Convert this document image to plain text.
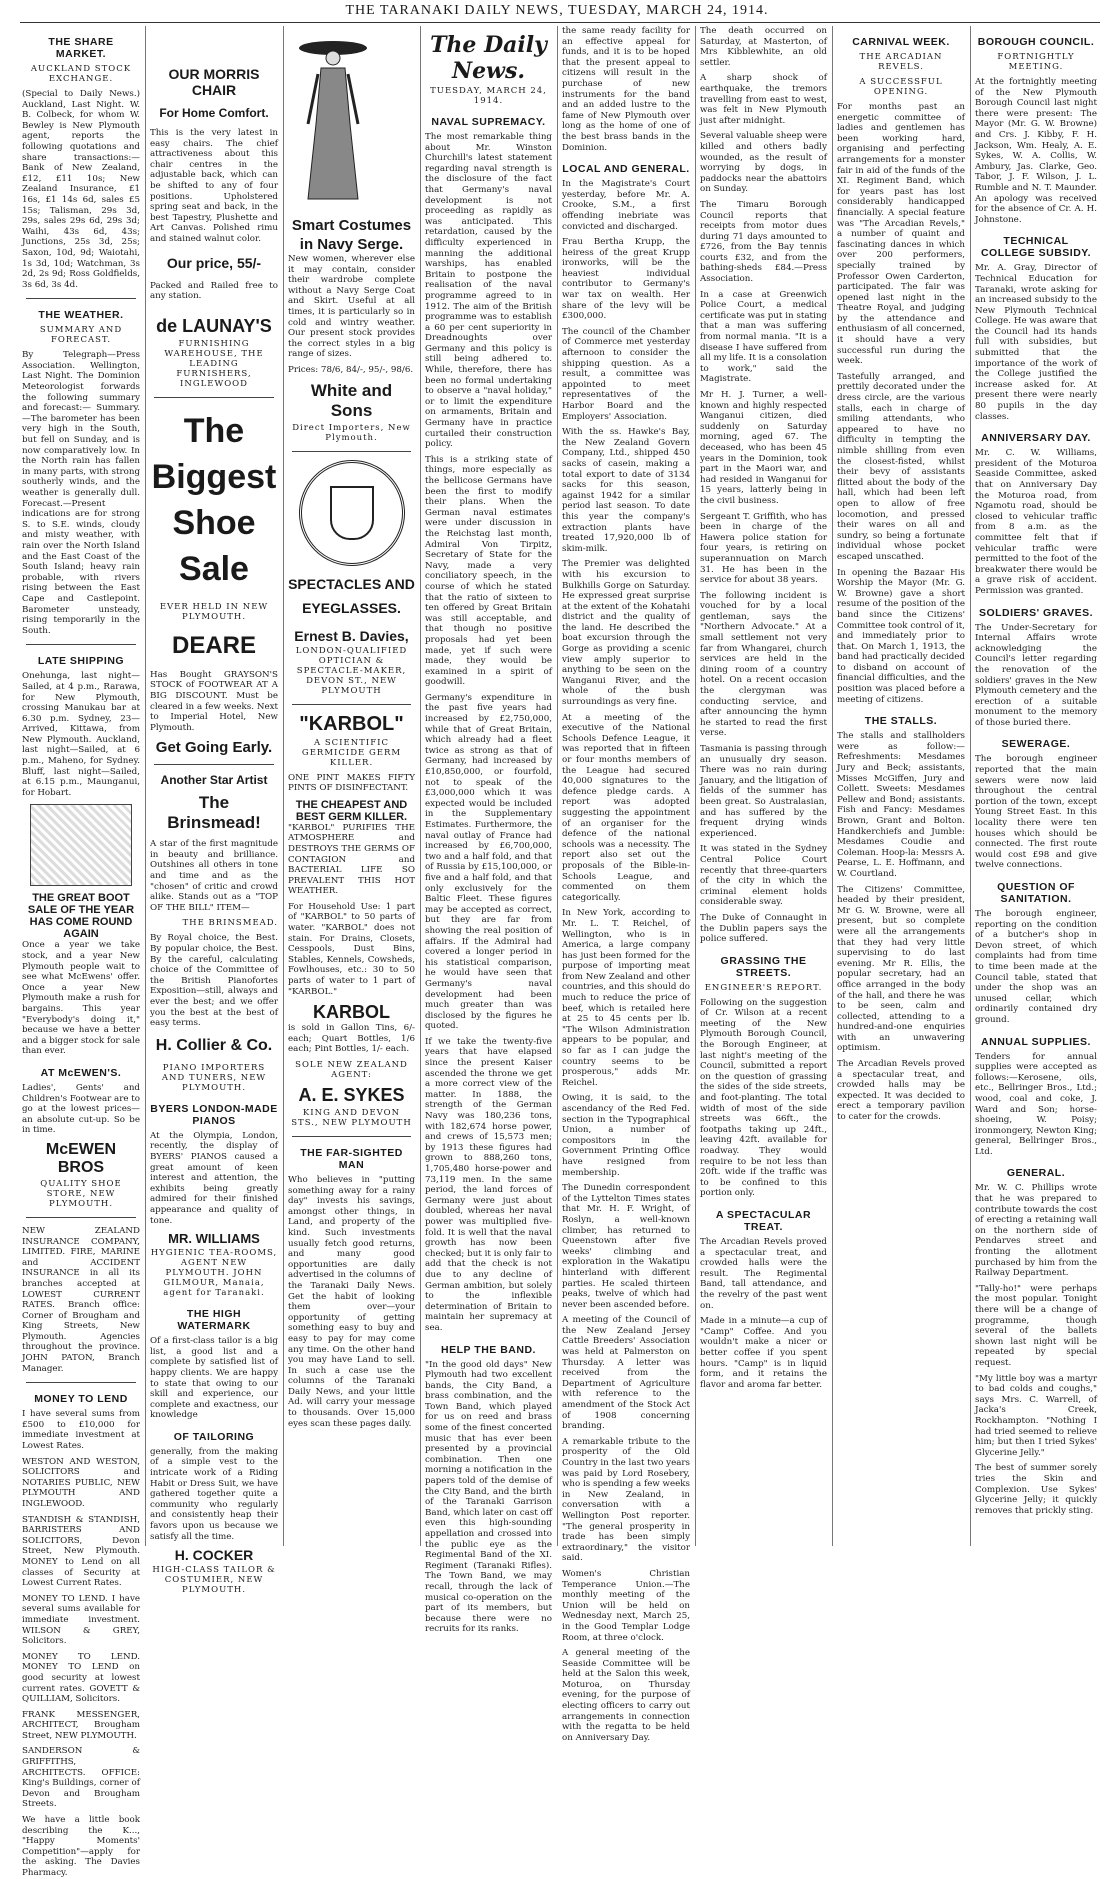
THE TARANAKI DAILY NEWS, TUESDAY, MARCH 24, 1914.
THE SHARE MARKET.
AUCKLAND STOCK EXCHANGE.

(Special to Daily News.) Auckland, Last Night. W. B. Colbeck, for whom W. Bewley is New Plymouth agent, reports the following quotations and share transactions:— Bank of New Zealand, £12, £11 10s; New Zealand Insurance, £1 16s, £1 14s 6d, sales £5 15s; Talisman, 29s 3d, 29s, sales 29s 6d, 29s 3d; Waihi, 43s 6d, 43s; Junctions, 25s 3d, 25s; Saxon, 10d, 9d; Waiotahi, 1s 3d, 10d; Watchman, 3s 2d, 2s 9d; Ross Goldfields, 3s 6d, 3s 4d.

THE WEATHER.
SUMMARY AND FORECAST.

By Telegraph—Press Association. Wellington, Last Night. The Dominion Meteorologist forwards the following summary and forecast:— Summary.—The barometer has been very high in the South, but fell on Sunday, and is now comparatively low. In the North rain has fallen in many parts, with strong southerly winds, and the weather is generally dull. Forecast.—Present indications are for strong S. to S.E. winds, cloudy and misty weather, with rain over the North Island and the East Coast of the South Island; heavy rain probable, with rivers rising between the East Cape and Castlepoint. Barometer unsteady, rising temporarily in the South.

LATE SHIPPING

Onehunga, last night—Sailed, at 4 p.m., Rarawa, for New Plymouth, crossing Manukau bar at 6.30 p.m. Sydney, 23—Arrived, Kittawa, from New Plymouth. Auckland, last night—Sailed, at 6 p.m., Maheno, for Sydney. Bluff, last night—Sailed, at 6.15 p.m., Maunganui, for Hobart.

THE GREAT BOOT SALE OF THE YEAR HAS COME ROUND AGAIN

Once a year we take stock, and a year New Plymouth people wait to see what McEwens' offer. Once a year New Plymouth make a rush for bargains. This year "Everybody's doing it," because we have a better and a bigger stock for sale than ever.

AT McEWEN'S.

Ladies', Gents' and Children's Footwear are to go at the lowest prices—an absolute cut-up. So be in time.

McEWEN BROS
QUALITY SHOE STORE, NEW PLYMOUTH.

NEW ZEALAND INSURANCE COMPANY, LIMITED. FIRE, MARINE and ACCIDENT INSURANCE in all its branches accepted at LOWEST CURRENT RATES. Branch office: Corner of Brougham and King Streets, New Plymouth. Agencies throughout the province. JOHN PATON, Branch Manager.

MONEY TO LEND

I have several sums from £500 to £10,000 for immediate investment at Lowest Rates.

WESTON AND WESTON, SOLICITORS and NOTARIES PUBLIC, NEW PLYMOUTH AND INGLEWOOD.

STANDISH & STANDISH, BARRISTERS AND SOLICITORS, Devon Street, New Plymouth. MONEY to Lend on all classes of Security at Lowest Current Rates.

MONEY TO LEND. I have several sums available for immediate investment. WILSON & GREY, Solicitors.

MONEY TO LEND. MONEY TO LEND on good security at lowest current rates. GOVETT & QUILLIAM, Solicitors.

FRANK MESSENGER, ARCHITECT, Brougham Street, NEW PLYMOUTH.

SANDERSON & GRIFFITHS, ARCHITECTS. OFFICE: King's Buildings, corner of Devon and Brougham Streets.

We have a little book describing the K..., "Happy Moments' Competition"—apply for the asking. The Davies Pharmacy.

OUR MORRIS CHAIR
For Home Comfort.

This is the very latest in easy chairs. The chief attractiveness about this chair centres in the adjustable back, which can be shifted to any of four positions. Upholstered spring seat and back, in the best Tapestry, Plushette and Art Canvas. Polished rimu and stained walnut color.

Our price, 55/-

Packed and Railed free to any station.

de LAUNAY'S
FURNISHING WAREHOUSE, THE LEADING FURNISHERS, INGLEWOOD
The Biggest Shoe Sale
EVER HELD IN NEW PLYMOUTH.
DEARE

Has Bought GRAYSON'S STOCK of FOOTWEAR AT A BIG DISCOUNT. Must be cleared in a few weeks. Next to Imperial Hotel, New Plymouth.

Get Going Early.
Another Star Artist
The Brinsmead!

A star of the first magnitude in beauty and brilliance. Outshines all others in tone and time and as the "chosen" of critic and crowd alike. Stands out as a "TOP OF THE BILL" ITEM—

THE BRINSMEAD.

By Royal choice, the Best. By popular choice, the Best. By the careful, calculating choice of the Committee of the British Pianofortes Exposition—still, always and ever the best; and we offer you the best at the best of easy terms.

H. Collier & Co.
PIANO IMPORTERS AND TUNERS, NEW PLYMOUTH.
BYERS LONDON-MADE PIANOS

At the Olympia, London, recently, the display of BYERS' PIANOS caused a great amount of keen interest and attention, the exhibits being greatly admired for their finished appearance and quality of tone.

MR. WILLIAMS
HYGIENIC TEA-ROOMS, AGENT NEW PLYMOUTH. JOHN GILMOUR, Manaia, agent for Taranaki.
THE HIGH WATERMARK

Of a first-class tailor is a big list, a good list and a complete by satisfied list of happy clients. We are happy to state that owing to our skill and experience, our complete and exactness, our knowledge

OF TAILORING

generally, from the making of a simple vest to the intricate work of a Riding Habit or Dress Suit, we have gathered together quite a community who regularly and consistently heap their favors upon us because we satisfy all the time.

H. COCKER
HIGH-CLASS TAILOR & COSTUMIER, NEW PLYMOUTH.
Smart Costumes in Navy Serge.

New women, wherever else it may contain, consider their wardrobe complete without a Navy Serge Coat and Skirt. Useful at all times, it is particularly so in cold and wintry weather. Our present stock provides the correct styles in a big range of sizes.

Prices: 78/6, 84/-, 95/-, 98/6.

White and Sons
Direct Importers, New Plymouth.
SPECTACLES AND EYEGLASSES.
Ernest B. Davies,
LONDON-QUALIFIED OPTICIAN & SPECTACLE-MAKER, DEVON ST., NEW PLYMOUTH
"KARBOL"
A SCIENTIFIC GERMICIDE GERM KILLER.

ONE PINT MAKES FIFTY PINTS OF DISINFECTANT.

THE CHEAPEST AND BEST GERM KILLER.

"KARBOL" PURIFIES THE ATMOSPHERE and DESTROYS THE GERMS OF CONTAGION and BACTERIAL LIFE SO PREVALENT THIS HOT WEATHER.

For Household Use: 1 part of "KARBOL" to 50 parts of water. "KARBOL" does not stain. For Drains, Closets, Cesspools, Dust Bins, Stables, Kennels, Cowsheds, Fowlhouses, etc.: 30 to 50 parts of water to 1 part of "KARBOL."

KARBOL

is sold in Gallon Tins, 6/- each; Quart Bottles, 1/6 each; Pint Bottles, 1/- each.

SOLE NEW ZEALAND AGENT:
A. E. SYKES
KING AND DEVON STS., NEW PLYMOUTH
THE FAR-SIGHTED MAN

Who believes in "putting something away for a rainy day" invests his savings, amongst other things, in Land, and property of the kind. Such investments usually fetch good returns, and many good opportunities are daily advertised in the columns of the Taranaki Daily News. Get the habit of looking them over—your opportunity of getting something easy to buy and easy to pay for may come any time. On the other hand you may have Land to sell. In such a case use the columns of the Taranaki Daily News, and your little Ad. will carry your message to thousands. Over 15,000 eyes scan these pages daily.

The Daily News.
TUESDAY, MARCH 24, 1914.
NAVAL SUPREMACY.

The most remarkable thing about Mr. Winston Churchill's latest statement regarding naval strength is the disclosure of the fact that Germany's naval development is not proceeding as rapidly as was anticipated. This retardation, caused by the difficulty experienced in manning the additional warships, has enabled Britain to postpone the realisation of the naval programme agreed to in 1912. The aim of the British programme was to establish a 60 per cent superiority in Dreadnoughts over Germany and this policy is still being adhered to. While, therefore, there has been no formal undertaking to observe a "naval holiday," or to limit the expenditure on armaments, Britain and Germany have in practice curtailed their construction policy.

This is a striking state of things, more especially as the bellicose Germans have been the first to modify their plans. When the German naval estimates were under discussion in the Reichstag last month, Admiral Von Tirpitz, Secretary of State for the Navy, made a very conciliatory speech, in the course of which he stated that the ratio of sixteen to ten offered by Great Britain was still acceptable, and that though no positive proposals had yet been made, yet if such were made, they would be examined in a spirit of goodwill.

Germany's expenditure in the past five years had increased by £2,750,000, while that of Great Britain, which already had a fleet twice as strong as that of Germany, had increased by £10,850,000, or fourfold, not to speak of the £3,000,000 which it was expected would be included in the Supplementary Estimates. Furthermore, the naval outlay of France had increased by £6,700,000, two and a half fold, and that of Russia by £15,100,000, or five and a half fold, and that only exclusively for the Baltic Fleet. These figures may be accepted as correct, but they are far from showing the real position of affairs. If the Admiral had covered a longer period in his statistical comparison, he would have seen that Germany's naval development had been much greater than was disclosed by the figures he quoted.

If we take the twenty-five years that have elapsed since the present Kaiser ascended the throne we get a more correct view of the matter. In 1888, the strength of the German Navy was 180,236 tons, with 182,674 horse power, and crews of 15,573 men; by 1913 these figures had grown to 888,260 tons, 1,705,480 horse-power and 73,119 men. In the same period, the land forces of Germany were just about doubled, whereas her naval power was multiplied five-fold. It is well that the naval growth has now been checked; but it is only fair to add that the check is not due to any decline of German ambition, but solely to the inflexible determination of Britain to maintain her supremacy at sea.

HELP THE BAND.

"In the good old days" New Plymouth had two excellent bands, the City Band, a brass combination, and the Town Band, which played for us on reed and brass some of the finest concerted music that has ever been presented by a provincial combination. Then one morning a notification in the papers told of the demise of the City Band, and the birth of the Taranaki Garrison Band, which later on cast off even this high-sounding appellation and crossed into the public eye as the Regimental Band of the XI. Regiment (Taranaki Rifles). The Town Band, we may recall, through the lack of musical co-operation on the part of its members, but because there were no recruits for its ranks.

the same ready facility for an effective appeal for funds, and it is to be hoped that the present appeal to citizens will result in the purchase of new instruments for the band and an added lustre to the fame of New Plymouth over long as the home of one of the best brass bands in the Dominion.

LOCAL AND GENERAL.

In the Magistrate's Court yesterday, before Mr. A. Crooke, S.M., a first offending inebriate was convicted and discharged.

Frau Bertha Krupp, the heiress of the great Krupp ironworks, will be the heaviest individual contributor to Germany's war tax on wealth. Her share of the levy will be £300,000.

The council of the Chamber of Commerce met yesterday afternoon to consider the shipping question. As a result, a committee was appointed to meet representatives of the Harbor Board and the Employers' Association.

With the ss. Hawke's Bay, the New Zealand Govern Company, Ltd., shipped 450 sacks of casein, making a total export to date of 3134 sacks for this season, against 1942 for a similar period last season. To date this year the company's extraction plants have treated 17,920,000 lb of skim-milk.

The Premier was delighted with his excursion to Bulkhills Gorge on Saturday. He expressed great surprise at the extent of the Kohatahi district and the quality of the land. He described the boat excursion through the Gorge as providing a scenic view amply superior to anything to be seen on the Wanganui River, and the whole of the bush surroundings as very fine.

At a meeting of the executive of the National Schools Defence League, it was reported that in fifteen or four months members of the League had secured 40,000 signatures to the defence pledge cards. A report was adopted suggesting the appointment of an organiser for the defence of the national schools was a necessity. The report also set out the proposals of the Bible-in-Schools League, and commented on them categorically.

In New York, according to Mr. L. T. Reichel, of Wellington, who is in America, a large company has just been formed for the purpose of importing meat from New Zealand and other countries, and this should do much to reduce the price of beef, which is retailed here at 25 to 45 cents per lb. "The Wilson Administration appears to be popular, and so far as I can judge the country seems to be prosperous," adds Mr. Reichel.

Owing, it is said, to the ascendancy of the Red Fed. section in the Typographical Union, a number of compositors in the Government Printing Office have resigned from membership.

The Dunedin correspondent of the Lyttelton Times states that Mr. H. F. Wright, of Roslyn, a well-known climber, has returned to Queenstown after five weeks' climbing and exploration in the Wakatipu hinterland with different parties. He scaled thirteen peaks, twelve of which had never been ascended before.

A meeting of the Council of the New Zealand Jersey Cattle Breeders' Association was held at Palmerston on Thursday. A letter was received from the Department of Agriculture with reference to the amendment of the Stock Act of 1908 concerning branding.

A remarkable tribute to the prosperity of the Old Country in the last two years was paid by Lord Rosebery, who is spending a few weeks in New Zealand, in conversation with a Wellington Post reporter. "The general prosperity in trade has been simply extraordinary," the visitor said.

Women's Christian Temperance Union.—The monthly meeting of the Union will be held on Wednesday next, March 25, in the Good Templar Lodge Room, at three o'clock.

A general meeting of the Seaside Committee will be held at the Salon this week, Moturoa, on Thursday evening, for the purpose of electing officers to carry out arrangements in connection with the regatta to be held on Anniversary Day.

The death occurred on Saturday, at Masterton, of Mrs Kibblewhite, an old settler.

A sharp shock of earthquake, the tremors travelling from east to west, was felt in New Plymouth just after midnight.

Several valuable sheep were killed and others badly wounded, as the result of worrying by dogs, in paddocks near the abattoirs on Sunday.

The Timaru Borough Council reports that receipts from motor dues during 71 days amounted to £726, from the Bay tennis courts £32, and from the bathing-sheds £84.—Press Association.

In a case at Greenwich Police Court, a medical certificate was put in stating that a man was suffering from normal mania. "It is a disease I have suffered from all my life. It is a consolation to work," said the Magistrate.

Mr H. J. Turner, a well-known and highly respected Wanganui citizen, died suddenly on Saturday morning, aged 67. The deceased, who has been 45 years in the Dominion, took part in the Maori war, and had resided in Wanganui for 15 years, latterly being in the civil business.

Sergeant T. Griffith, who has been in charge of the Hawera police station for four years, is retiring on superannuation on March 31. He has been in the service for about 38 years.

The following incident is vouched for by a local gentleman, says the "Northern Advocate." At a small settlement not very far from Whangarei, church services are held in the dining room of a country hotel. On a recent occasion the clergyman was conducting service, and after announcing the hymn he started to read the first verse.

Tasmania is passing through an unusually dry season. There was no rain during January, and the litigation of fields of the summer has been great. So Australasian, and has suffered by the frequent drying winds experienced.

It was stated in the Sydney Central Police Court recently that three-quarters of the city in which the criminal element holds considerable sway.

The Duke of Connaught in the Dublin papers says the police suffered.

GRASSING THE STREETS.
ENGINEER'S REPORT.

Following on the suggestion of Cr. Wilson at a recent meeting of the New Plymouth Borough Council, the Borough Engineer, at last night's meeting of the Council, submitted a report on the question of grassing the sides of the side streets, and foot-planting. The total width of most of the side streets was 66ft., the footpaths taking up 24ft., leaving 42ft. available for roadway. They would require to be not less than 20ft. wide if the traffic was to be confined to this portion only.

A SPECTACULAR TREAT.

The Arcadian Revels proved a spectacular treat, and crowded halls were the result. The Regimental Band, tall attendance, and the revelry of the past went on.

Made in a minute—a cup of "Camp" Coffee. And you wouldn't make a nicer or better coffee if you spent hours. "Camp" is in liquid form, and it retains the flavor and aroma far better.

CARNIVAL WEEK.
THE ARCADIAN REVELS.
A SUCCESSFUL OPENING.

For months past an energetic committee of ladies and gentlemen has been working hard, organising and perfecting arrangements for a monster fair in aid of the funds of the XI. Regiment Band, which for years past has lost considerably handicapped financially. A special feature was "The Arcadian Revels," a number of quaint and fascinating dances in which over 200 performers, specially trained by Professor Owen Carderton, participated. The fair was opened last night in the Theatre Royal, and judging by the attendance and enthusiasm of all concerned, it should have a very successful run during the week.

Tastefully arranged, and prettily decorated under the dress circle, are the various stalls, each in charge of smiling attendants, who appeared to have no difficulty in tempting the nimble shilling from even the closest-fisted, whilst their bevy of assistants flitted about the body of the hall, which had been left open to allow of free locomotion, and pressed their wares on all and sundry, so being a fortunate individual whose pocket escaped unscathed.

In opening the Bazaar His Worship the Mayor (Mr. G. W. Browne) gave a short resume of the position of the band since the Citizens' Committee took control of it, and immediately prior to that. On March 1, 1913, the band had practically decided to disband on account of financial difficulties, and the position was placed before a meeting of citizens.

THE STALLS.

The stalls and stallholders were as follow:— Refreshments: Mesdames Jury and Beck; assistants, Misses McGiffen, Jury and Collett. Sweets: Mesdames Pellew and Bond; assistants. Fish and Fancy: Mesdames Brown, Grant and Bolton. Handkerchiefs and Jumble: Mesdames Coudie and Coleman. Hoop-la: Messrs A. Pearse, L. E. Hoffmann, and W. Courtland.

The Citizens' Committee, headed by their president, Mr G. W. Browne, were all present, but so complete were all the arrangements that they had very little supervising to do last evening. Mr R. Ellis, the popular secretary, had an office arranged in the body of the hall, and there he was to be seen, calm and collected, attending to a hundred-and-one enquiries with an unwavering optimism.

The Arcadian Revels proved a spectacular treat, and crowded halls may be expected. It was decided to erect a temporary pavilion to cater for the crowds.

BOROUGH COUNCIL.
FORTNIGHTLY MEETING.

At the fortnightly meeting of the New Plymouth Borough Council last night there were present: The Mayor (Mr. G. W. Browne) and Crs. J. Kibby, F. H. Jackson, Wm. Healy, A. E. Sykes, W. A. Collis, W. Ambury, Jas. Clarke, Geo. Tabor, J. F. Wilson, J. L. Rumble and N. T. Maunder. An apology was received for the absence of Cr. A. H. Johnstone.

TECHNICAL COLLEGE SUBSIDY.

Mr. A. Gray, Director of Technical Education for Taranaki, wrote asking for an increased subsidy to the New Plymouth Technical College. He was aware that the Council had its hands full with subsidies, but submitted that the importance of the work of the College justified the increase asked for. At present there were nearly 80 pupils in the day classes.

ANNIVERSARY DAY.

Mr. C. W. Williams, president of the Moturoa Seaside Committee, asked that on Anniversary Day the Moturoa road, from Ngamotu road, should be closed to vehicular traffic from 8 a.m. as the committee felt that if vehicular traffic were permitted to the foot of the breakwater there would be a grave risk of accident. Permission was granted.

SOLDIERS' GRAVES.

The Under-Secretary for Internal Affairs wrote acknowledging the Council's letter regarding the renovation of the soldiers' graves in the New Plymouth cemetery and the erection of a suitable monument to the memory of those buried there.

SEWERAGE.

The borough engineer reported that the main sewers were now laid throughout the central portion of the town, except Young Street East. In this locality there were ten houses which should be connected. The first route would cost £98 and give twelve connections.

QUESTION OF SANITATION.

The borough engineer, reporting on the condition of a butcher's shop in Devon street, of which complaints had from time to time been made at the Council table, stated that under the shop was an unused cellar, which ordinarily contained dry ground.

ANNUAL SUPPLIES.

Tenders for annual supplies were accepted as follows:—Kerosene, oils, etc., Bellringer Bros., Ltd.; wood, coal and coke, J. Ward and Son; horse-shoeing, W. Poisy; ironmongery, Newton King; general, Bellringer Bros., Ltd.

GENERAL.

Mr. W. C. Phillips wrote that he was prepared to contribute towards the cost of erecting a retaining wall on the northern side of Pendarves street and fronting the allotment purchased by him from the Railway Department.

"Tally-ho!" were perhaps the most popular. Tonight there will be a change of programme, though several of the ballets shown last night will be repeated by special request.

"My little boy was a martyr to bad colds and coughs," says Mrs. C. Warrell, of Jacka's Creek, Rockhampton. "Nothing I had tried seemed to relieve him; but then I tried Sykes' Glycerine Jelly."

The best of summer sorely tries the Skin and Complexion. Use Sykes' Glycerine Jelly; it quickly removes that prickly sting.
